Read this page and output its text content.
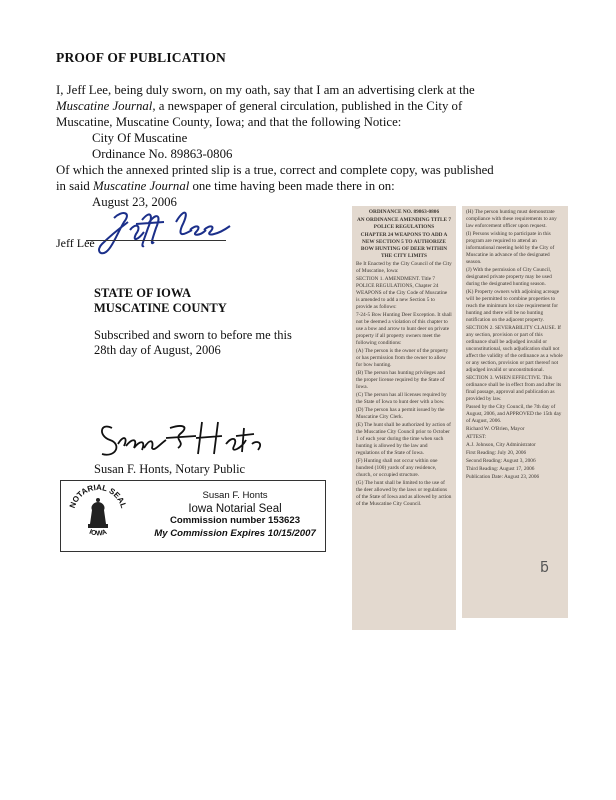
PROOF OF PUBLICATION
I, Jeff Lee, being duly sworn, on my oath, say that I am an advertising clerk at the
Muscatine Journal, a newspaper of general circulation, published in the City of
Muscatine, Muscatine County, Iowa; and that the following Notice:
City Of Muscatine
Ordinance No. 89863-0806
Of which the annexed printed slip is a true, correct and complete copy, was published
in said Muscatine Journal one time having been made there in on:
August 23, 2006
Jeff Lee
STATE OF IOWA
MUSCATINE COUNTY
Subscribed and sworn to before me this
28th day of August, 2006
Susan F. Honts, Notary Public
NOTARIAL SEAL
IOWA
Susan F. Honts
Iowa Notarial Seal
Commission number 153623
My Commission Expires 10/15/2007

ORDINANCE NO. 89863-0806

AN ORDINANCE AMENDING TITLE 7 POLICE REGULATIONS

CHAPTER 24 WEAPONS TO ADD A NEW SECTION 5 TO AUTHORIZE BOW HUNTING OF DEER WITHIN THE CITY LIMITS

Be It Enacted by the City Council of the City of Muscatine, Iowa:

SECTION 1. AMENDMENT. Title 7 POLICE REGULATIONS, Chapter 24 WEAPONS of the City Code of Muscatine is amended to add a new Section 5 to provide as follows:

7-24-5 Bow Hunting Deer Exception. It shall not be deemed a violation of this chapter to use a bow and arrow to hunt deer on private property if all property owners meet the following conditions:

(A) The person is the owner of the property or has permission from the owner to allow for bow hunting.

(B) The person has hunting privileges and the proper license required by the State of Iowa.

(C) The person has all licenses required by the State of Iowa to hunt deer with a bow.

(D) The person has a permit issued by the Muscatine City Clerk.

(E) The hunt shall be authorized by action of the Muscatine City Council prior to October 1 of each year during the time when such hunting is allowed by the law and regulations of the State of Iowa.

(F) Hunting shall not occur within one hundred (100) yards of any residence, church, or occupied structure.

(G) The hunt shall be limited to the use of the deer allowed by the laws or regulations of the State of Iowa and as allowed by action of the Muscatine City Council.

(H) The person hunting must demonstrate compliance with these requirements to any law enforcement officer upon request.

(I) Persons wishing to participate in this program are required to attend an informational meeting held by the City of Muscatine in advance of the designated season.

(J) With the permission of City Council, designated private property may be used during the designated hunting season.

(K) Property owners with adjoining acreage will be permitted to combine properties to reach the minimum lot size requirement for hunting and there will be no hunting notification on the adjacent property.

SECTION 2. SEVERABILITY CLAUSE. If any section, provision or part of this ordinance shall be adjudged invalid or unconstitutional, such adjudication shall not affect the validity of the ordinance as a whole or any section, provision or part thereof not adjudged invalid or unconstitutional.

SECTION 3. WHEN EFFECTIVE. This ordinance shall be in effect from and after its final passage, approval and publication as provided by law.

Passed by the City Council, the 7th day of August, 2006, and APPROVED the 15th day of August, 2006.

Richard W. O'Brien, Mayor

ATTEST:

A.J. Johnson, City Administrator

First Reading: July 20, 2006

Second Reading: August 3, 2006

Third Reading: August 17, 2006

Publication Date: August 23, 2006

ƃ
